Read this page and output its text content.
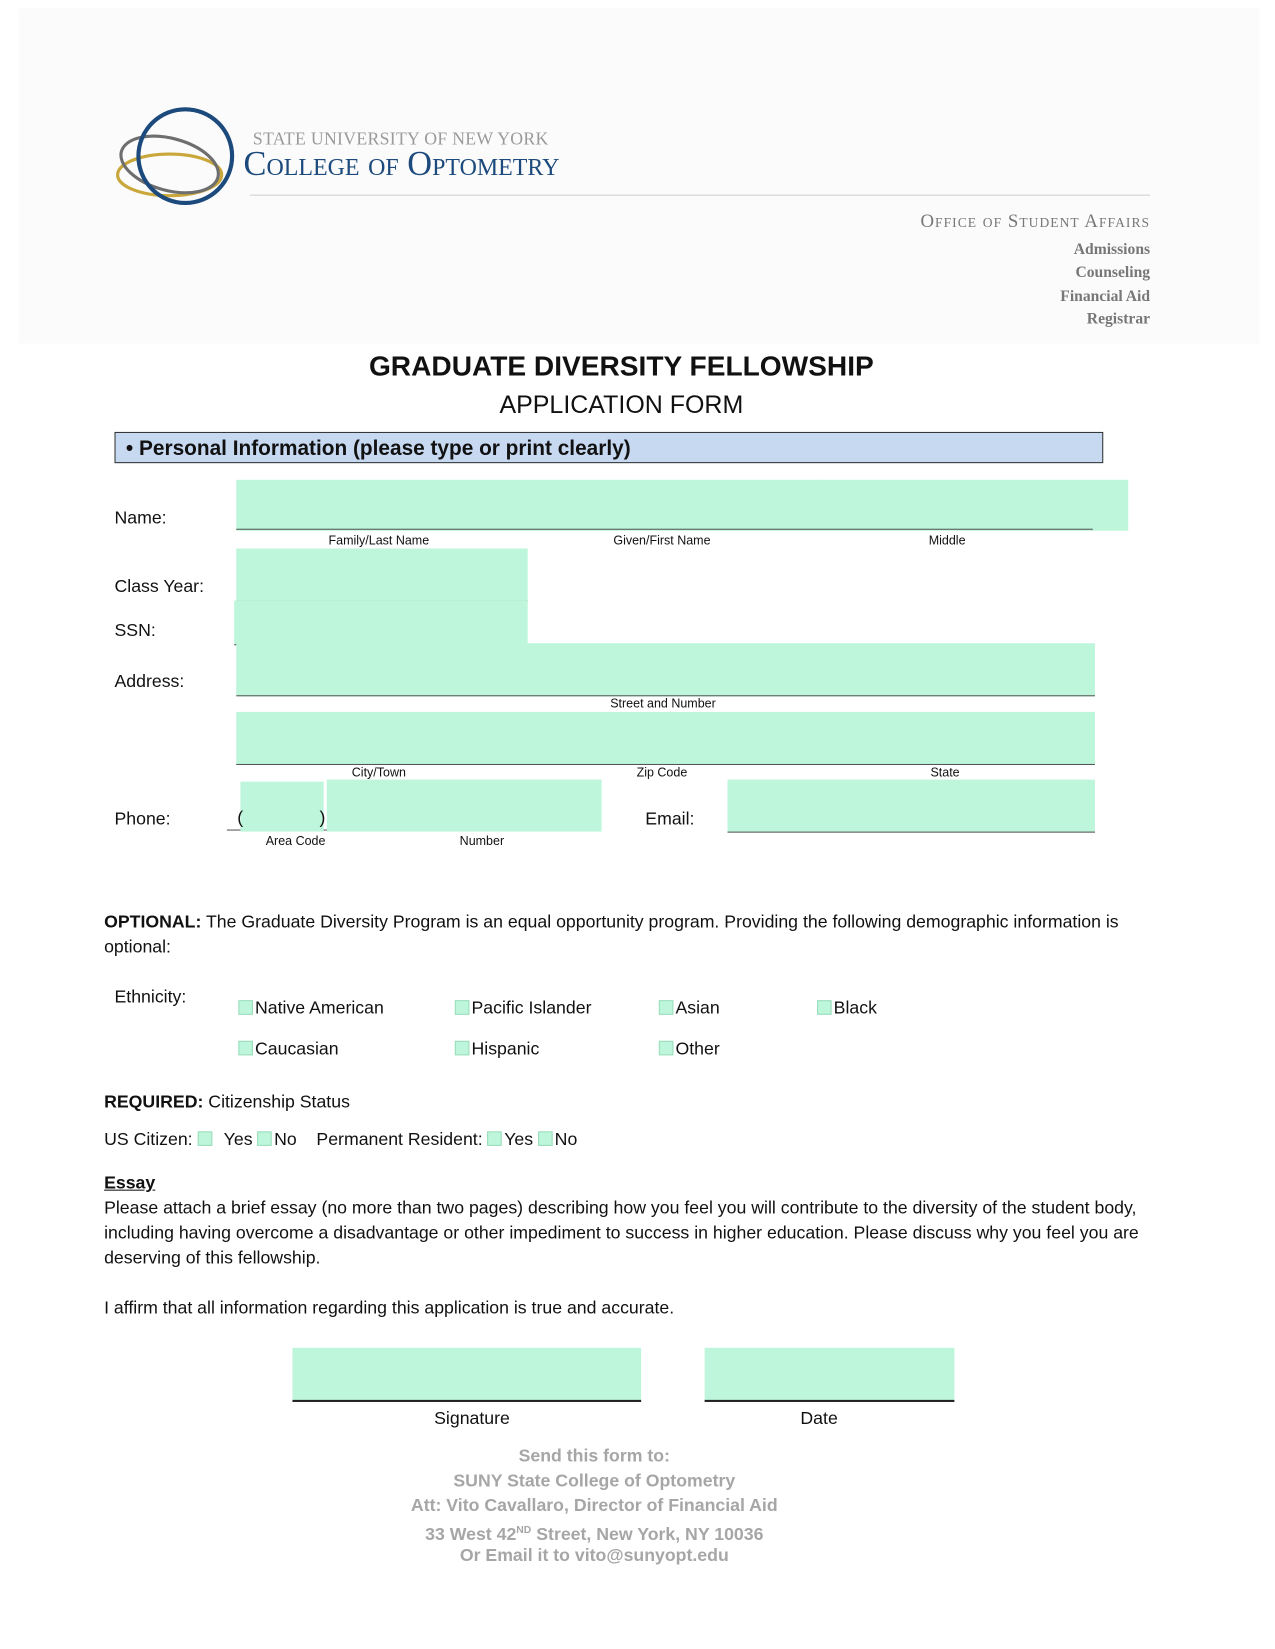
STATE UNIVERSITY OF NEW YORK
College of Optometry
Office of Student Affairs
Admissions
Counseling
Financial Aid
Registrar
GRADUATE DIVERSITY FELLOWSHIP
APPLICATION FORM
• Personal Information (please type or print clearly)
Name:
Family/Last Name	Given/First Name	Middle
Class Year:
SSN:
Address:
Street and Number
City/Town	Zip Code	State
Phone:	(	)
Area Code	Number
Email:
OPTIONAL: The Graduate Diversity Program is an equal opportunity program. Providing the following demographic information is optional:
Ethnicity:
Native American	Pacific Islander	Asian	Black
Caucasian	Hispanic	Other
REQUIRED: Citizenship Status
US Citizen: Yes No Permanent Resident: Yes No
Essay
Please attach a brief essay (no more than two pages) describing how you feel you will contribute to the diversity of the student body, including having overcome a disadvantage or other impediment to success in higher education. Please discuss why you feel you are deserving of this fellowship.
I affirm that all information regarding this application is true and accurate.
Signature	Date
Send this form to:
SUNY State College of Optometry
Att: Vito Cavallaro, Director of Financial Aid
33 West 42ND Street, New York, NY 10036
Or Email it to vito@sunyopt.edu
